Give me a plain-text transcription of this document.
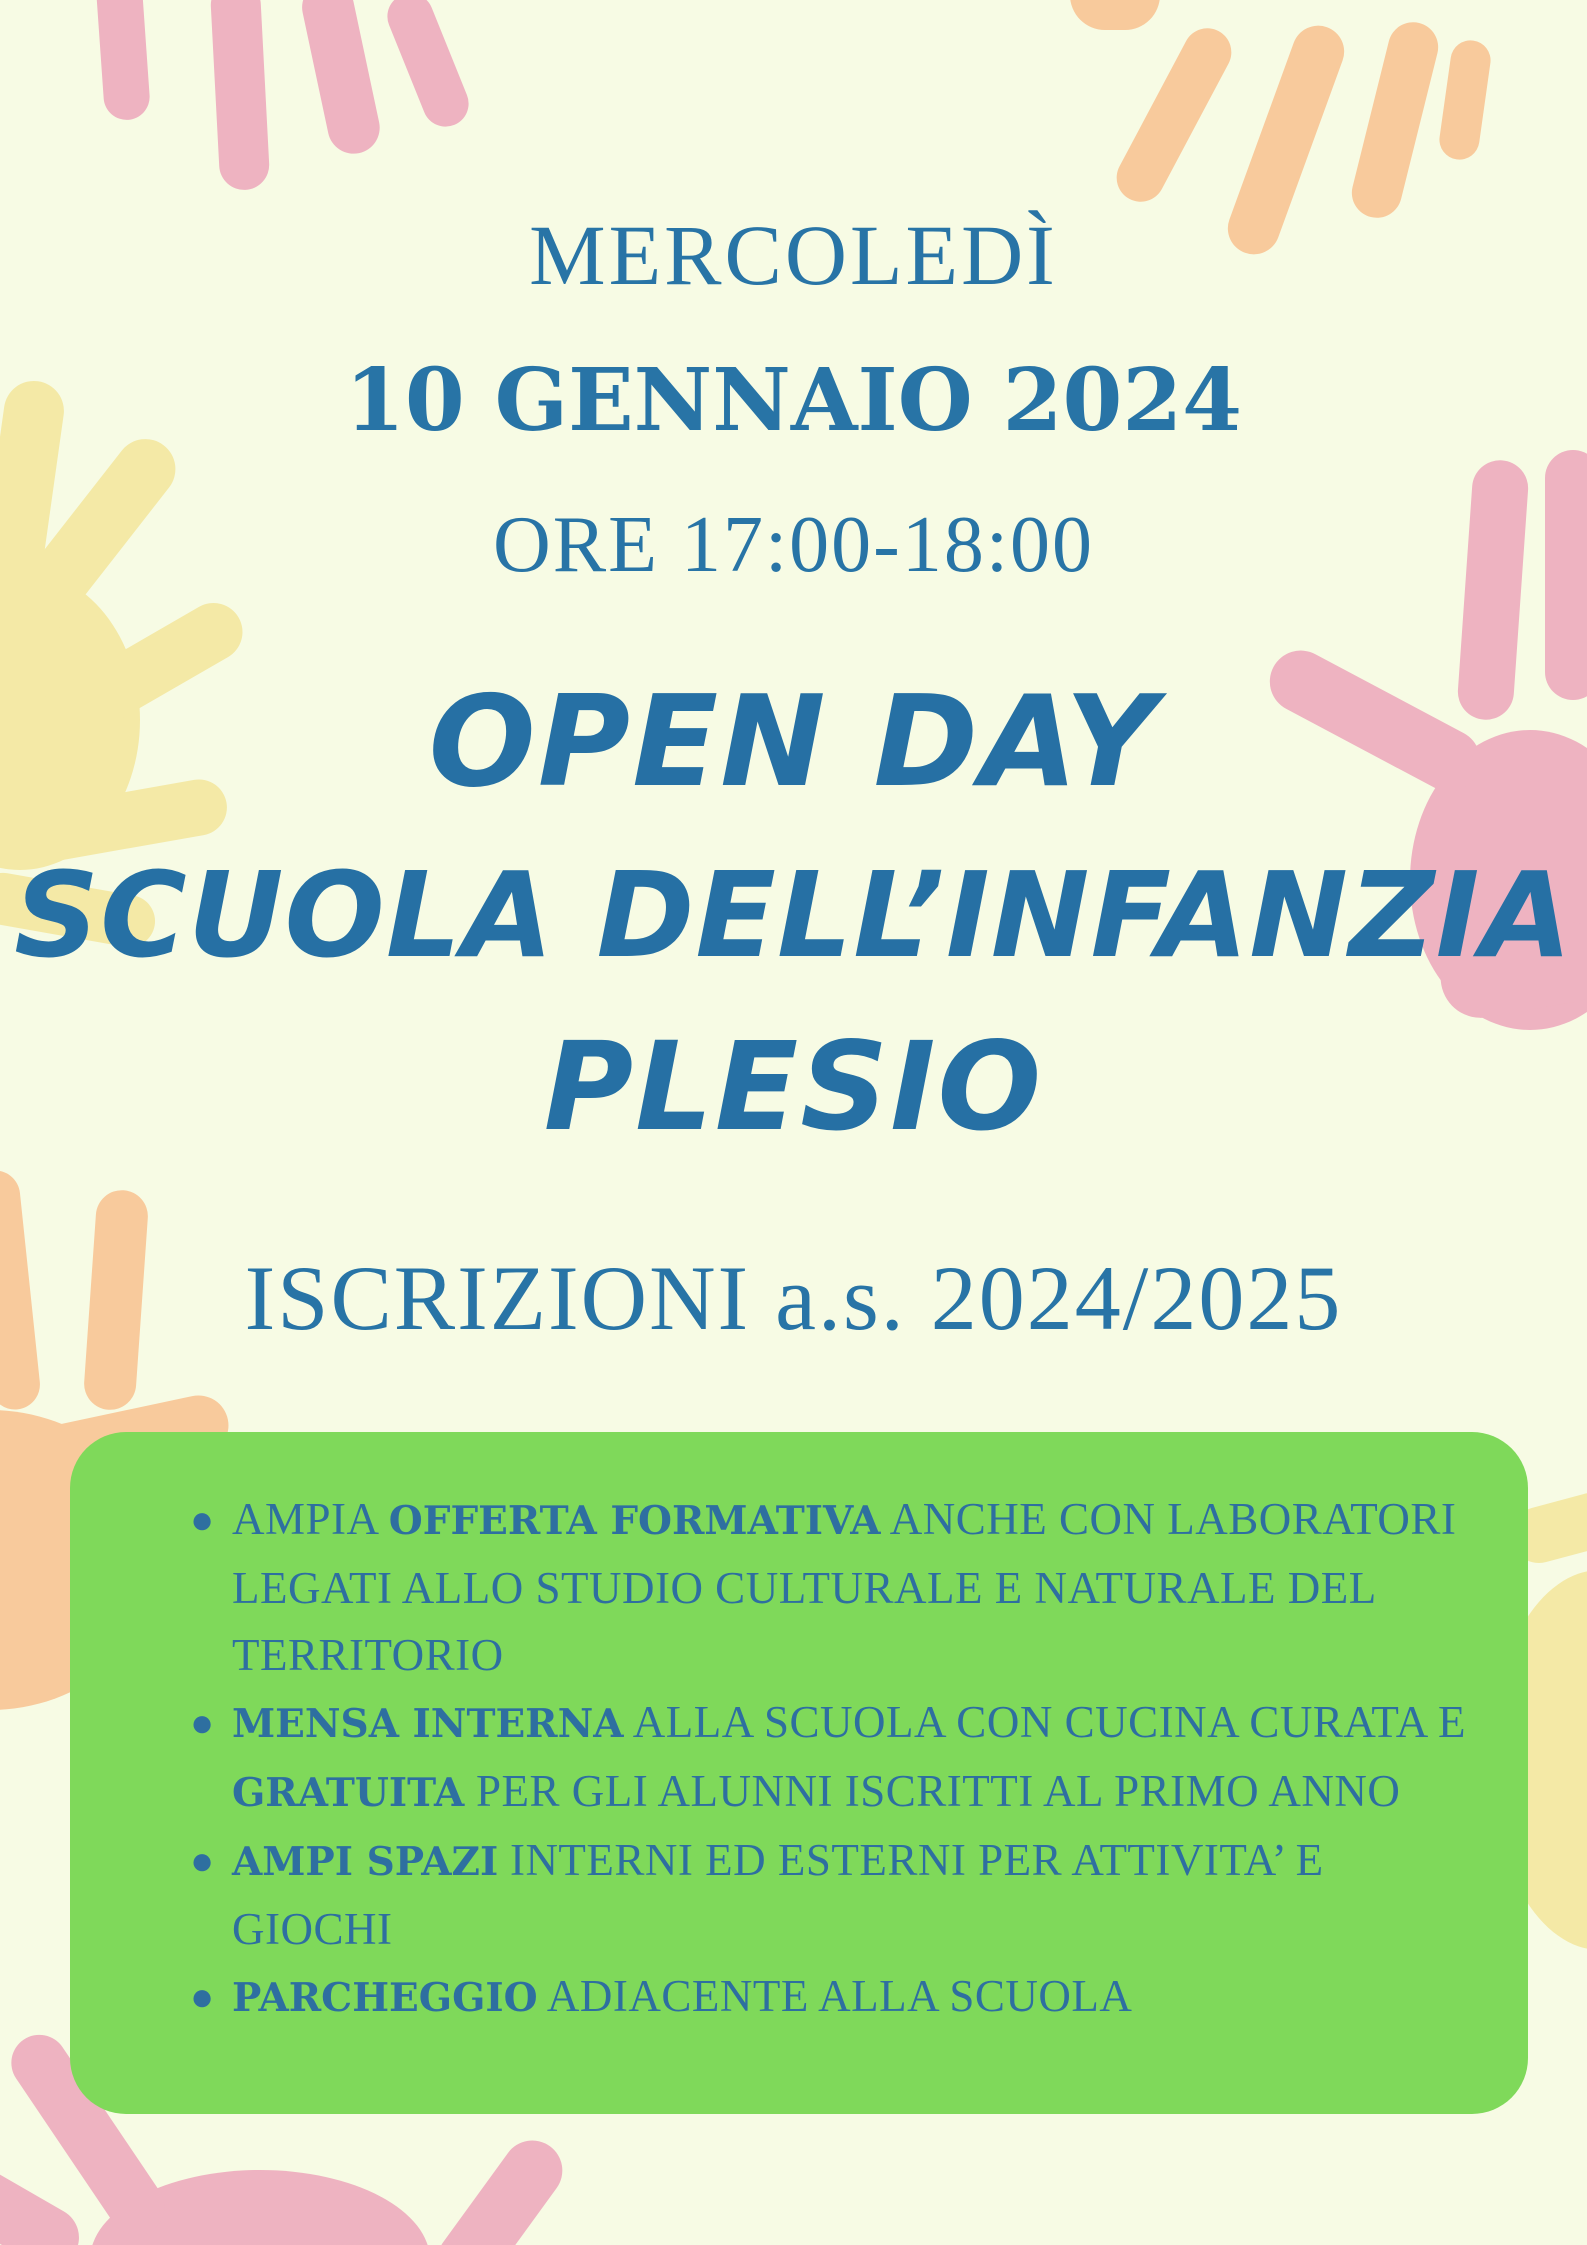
MERCOLEDÌ
10 GENNAIO 2024
ORE 17:00-18:00
OPEN DAY
SCUOLA DELL’INFANZIA
PLESIO
ISCRIZIONI a.s. 2024/2025
● AMPIA OFFERTA FORMATIVA ANCHE CON LABORATORI LEGATI ALLO STUDIO CULTURALE E NATURALE DEL TERRITORIO
● MENSA INTERNA ALLA SCUOLA CON CUCINA CURATA E GRATUITA PER GLI ALUNNI ISCRITTI AL PRIMO ANNO
● AMPI SPAZI INTERNI ED ESTERNI PER ATTIVITA’ E GIOCHI
● PARCHEGGIO ADIACENTE ALLA SCUOLA
